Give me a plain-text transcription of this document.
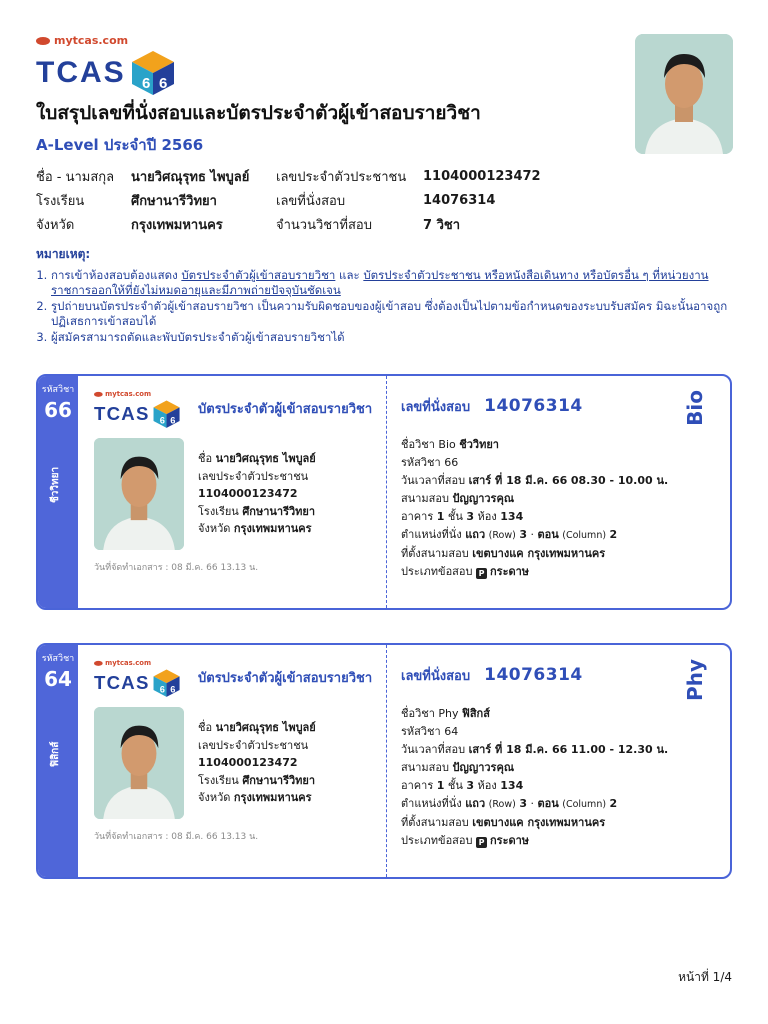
mytcas.com
TCAS 6 6
ใบสรุปเลขที่นั่งสอบและบัตรประจำตัวผู้เข้าสอบรายวิชา
A-Level ประจำปี 2566
ชื่อ - นามสกุล	นายวิศณุรุทธ ไพบูลย์	เลขประจำตัวประชาชน	1104000123472
โรงเรียน	ศึกษานารีวิทยา	เลขที่นั่งสอบ	14076314
จังหวัด	กรุงเทพมหานคร	จำนวนวิชาที่สอบ	7 วิชา
หมายเหตุ:
1. การเข้าห้องสอบต้องแสดง บัตรประจำตัวผู้เข้าสอบรายวิชา และ บัตรประจำตัวประชาชน หรือหนังสือเดินทาง หรือบัตรอื่น ๆ ที่หน่วยงานราชการออกให้ที่ยังไม่หมดอายุและมีภาพถ่ายปัจจุบันชัดเจน
2. รูปถ่ายบนบัตรประจำตัวผู้เข้าสอบรายวิชา เป็นความรับผิดชอบของผู้เข้าสอบ ซึ่งต้องเป็นไปตามข้อกำหนดของระบบรับสมัคร มิฉะนั้นอาจถูกปฏิเสธการเข้าสอบได้
3. ผู้สมัครสามารถตัดและพับบัตรประจำตัวผู้เข้าสอบรายวิชาได้
รหัสวิชา
66
ชีววิทยา
mytcas.com
TCAS 6 6
บัตรประจำตัวผู้เข้าสอบรายวิชา
ชื่อ นายวิศณุรุทธ ไพบูลย์
เลขประจำตัวประชาชน
1104000123472
โรงเรียน ศึกษานารีวิทยา
จังหวัด กรุงเทพมหานคร
วันที่จัดทำเอกสาร : 08 มี.ค. 66 13.13 น.
เลขที่นั่งสอบ 14076314	Bio
ชื่อวิชา Bio ชีววิทยา
รหัสวิชา 66
วันเวลาที่สอบ เสาร์ ที่ 18 มี.ค. 66 08.30 - 10.00 น.
สนามสอบ ปัญญาวรคุณ
อาคาร 1 ชั้น 3 ห้อง 134
ตำแหน่งที่นั่ง แถว (Row) 3 · ตอน (Column) 2
ที่ตั้งสนามสอบ เขตบางแค กรุงเทพมหานคร
ประเภทข้อสอบ P กระดาษ
รหัสวิชา
64
ฟิสิกส์
mytcas.com
TCAS 6 6
บัตรประจำตัวผู้เข้าสอบรายวิชา
ชื่อ นายวิศณุรุทธ ไพบูลย์
เลขประจำตัวประชาชน
1104000123472
โรงเรียน ศึกษานารีวิทยา
จังหวัด กรุงเทพมหานคร
วันที่จัดทำเอกสาร : 08 มี.ค. 66 13.13 น.
เลขที่นั่งสอบ 14076314	Phy
ชื่อวิชา Phy ฟิสิกส์
รหัสวิชา 64
วันเวลาที่สอบ เสาร์ ที่ 18 มี.ค. 66 11.00 - 12.30 น.
สนามสอบ ปัญญาวรคุณ
อาคาร 1 ชั้น 3 ห้อง 134
ตำแหน่งที่นั่ง แถว (Row) 3 · ตอน (Column) 2
ที่ตั้งสนามสอบ เขตบางแค กรุงเทพมหานคร
ประเภทข้อสอบ P กระดาษ
หน้าที่ 1/4
